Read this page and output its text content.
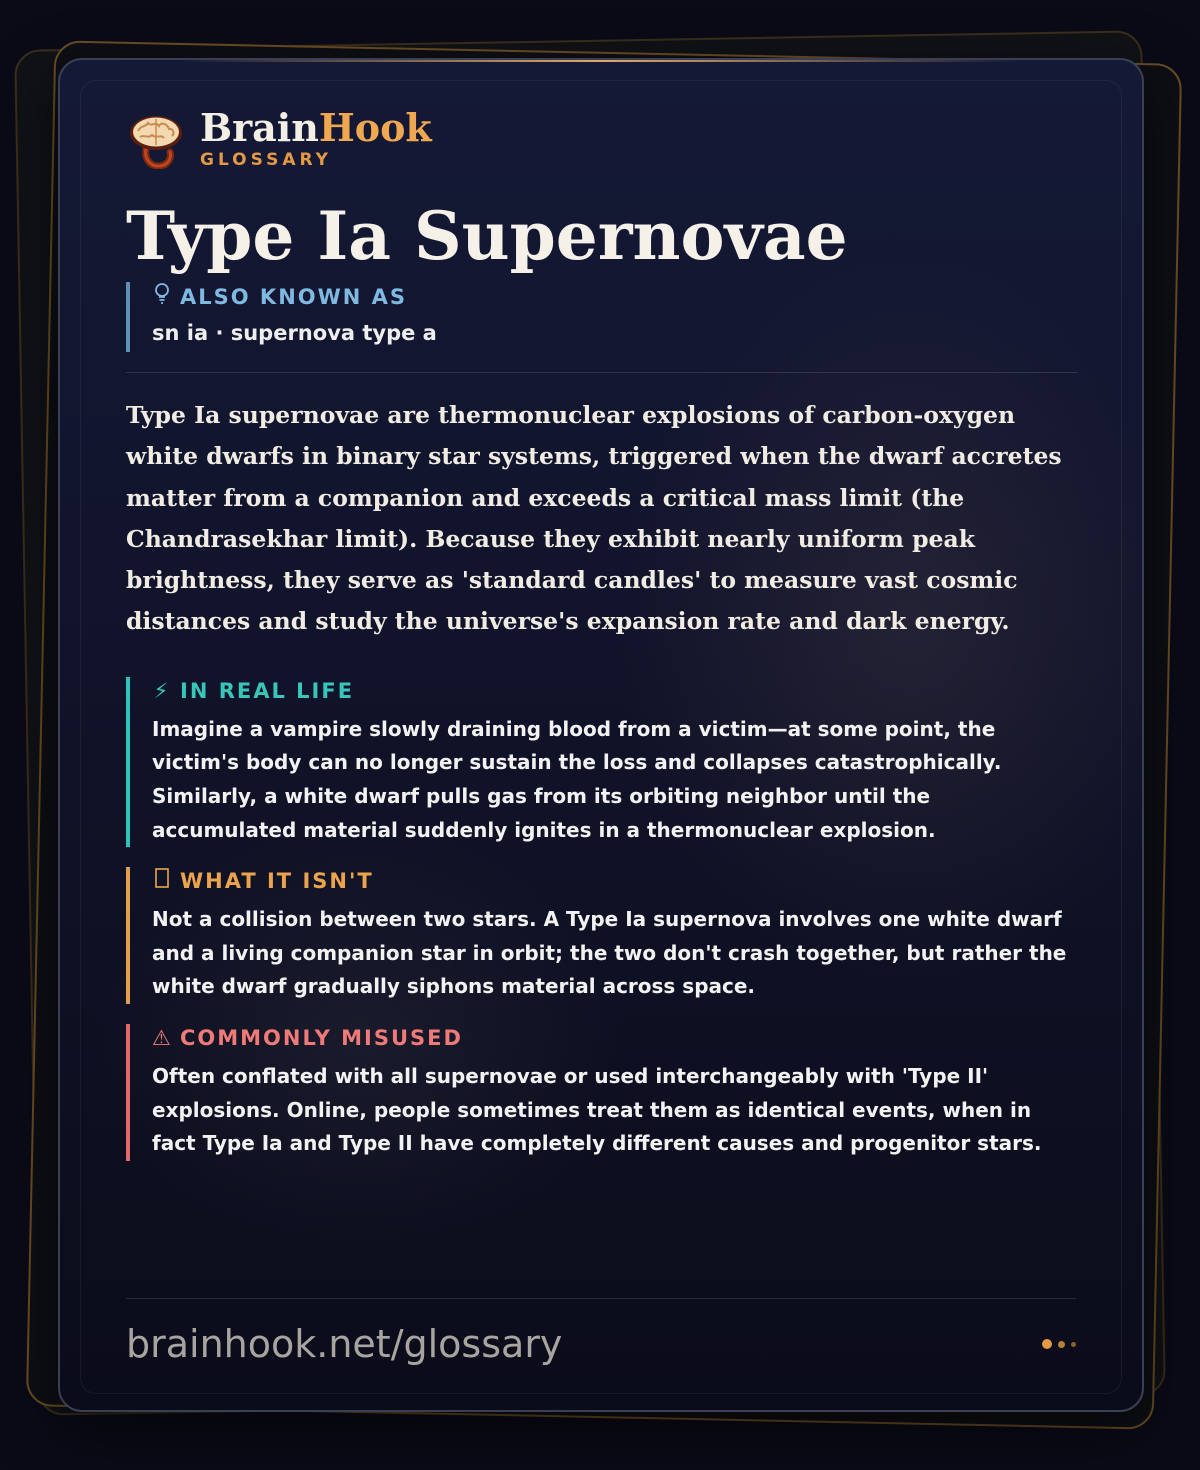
BrainHook
GLOSSARY
Type Ia Supernovae
ALSO KNOWN AS
sn ia · supernova type a

Type Ia supernovae are thermonuclear explosions of carbon-oxygen white dwarfs in binary star systems, triggered when the dwarf accretes matter from a companion and exceeds a critical mass limit (the Chandrasekhar limit). Because they exhibit nearly uniform peak brightness, they serve as 'standard candles' to measure vast cosmic distances and study the universe's expansion rate and dark energy.

⚡ IN REAL LIFE
Imagine a vampire slowly draining blood from a victim—at some point, the victim's body can no longer sustain the loss and collapses catastrophically. Similarly, a white dwarf pulls gas from its orbiting neighbor until the accumulated material suddenly ignites in a thermonuclear explosion.
WHAT IT ISN'T
Not a collision between two stars. A Type Ia supernova involves one white dwarf and a living companion star in orbit; the two don't crash together, but rather the white dwarf gradually siphons material across space.
⚠ COMMONLY MISUSED
Often conflated with all supernovae or used interchangeably with 'Type II' explosions. Online, people sometimes treat them as identical events, when in fact Type Ia and Type II have completely different causes and progenitor stars.
brainhook.net/glossary
